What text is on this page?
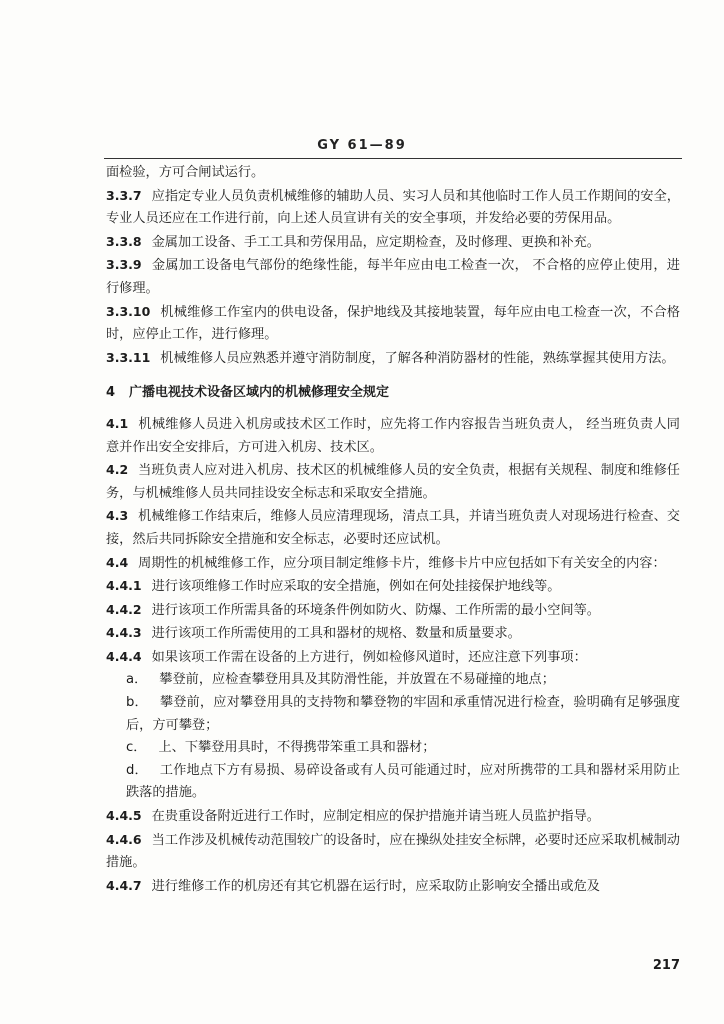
GY 61—89

面检验，方可合闸试运行。

3.3.7 应指定专业人员负责机械维修的辅助人员、实习人员和其他临时工作人员工作期间的安全，专业人员还应在工作进行前，向上述人员宣讲有关的安全事项，并发给必要的劳保用品。

3.3.8 金属加工设备、手工工具和劳保用品，应定期检查，及时修理、更换和补充。

3.3.9 金属加工设备电气部份的绝缘性能，每半年应由电工检查一次， 不合格的应停止使用，进行修理。

3.3.10 机械维修工作室内的供电设备，保护地线及其接地装置，每年应由电工检查一次，不合格时，应停止工作，进行修理。

3.3.11 机械维修人员应熟悉并遵守消防制度，了解各种消防器材的性能，熟练掌握其使用方法。

4 广播电视技术设备区域内的机械修理安全规定

4.1 机械维修人员进入机房或技术区工作时，应先将工作内容报告当班负责人， 经当班负责人同意并作出安全安排后，方可进入机房、技术区。

4.2 当班负责人应对进入机房、技术区的机械维修人员的安全负责，根据有关规程、制度和维修任务，与机械维修人员共同挂设安全标志和采取安全措施。

4.3 机械维修工作结束后，维修人员应清理现场，清点工具，并请当班负责人对现场进行检查、交接，然后共同拆除安全措施和安全标志，必要时还应试机。

4.4 周期性的机械维修工作，应分项目制定维修卡片，维修卡片中应包括如下有关安全的内容：

4.4.1 进行该项维修工作时应采取的安全措施，例如在何处挂接保护地线等。

4.4.2 进行该项工作所需具备的环境条件例如防火、防爆、工作所需的最小空间等。

4.4.3 进行该项工作所需使用的工具和器材的规格、数量和质量要求。

4.4.4 如果该项工作需在设备的上方进行，例如检修风道时，还应注意下列事项：

a． 攀登前，应检查攀登用具及其防滑性能，并放置在不易碰撞的地点；

b． 攀登前，应对攀登用具的支持物和攀登物的牢固和承重情况进行检查，验明确有足够强度后，方可攀登；

c． 上、下攀登用具时，不得携带笨重工具和器材；

d． 工作地点下方有易损、易碎设备或有人员可能通过时，应对所携带的工具和器材采用防止跌落的措施。

4.4.5 在贵重设备附近进行工作时，应制定相应的保护措施并请当班人员监护指导。

4.4.6 当工作涉及机械传动范围较广的设备时，应在操纵处挂安全标牌，必要时还应采取机械制动措施。

4.4.7 进行维修工作的机房还有其它机器在运行时，应采取防止影响安全播出或危及

217
